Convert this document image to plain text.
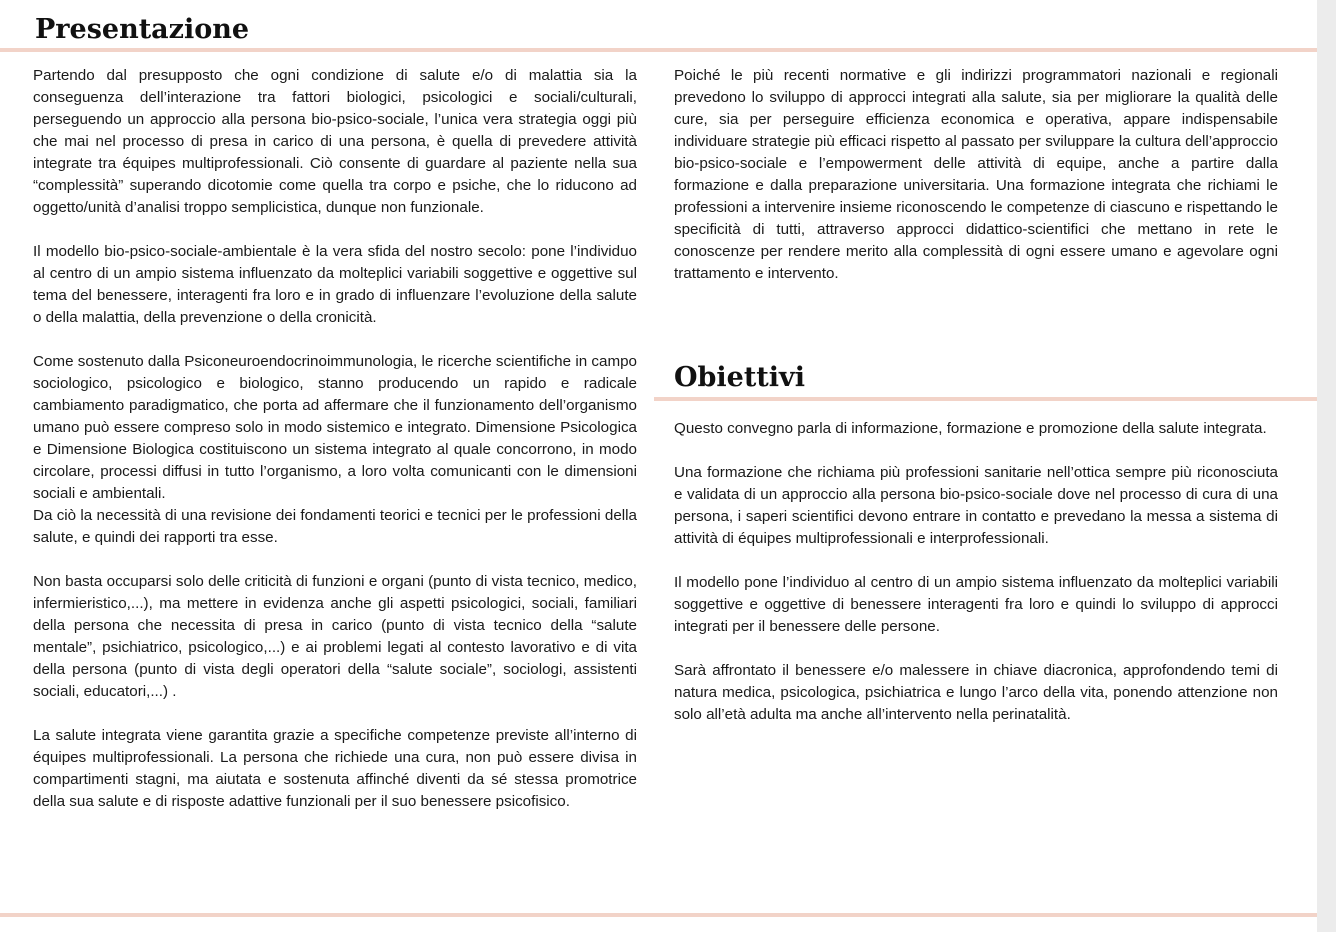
Presentazione

Partendo dal presupposto che ogni condizione di salute e/o di malattia sia la conseguenza dell’interazione tra fattori biologici, psicologici e sociali/culturali, perseguendo un approccio alla persona bio-psico-sociale, l’unica vera strategia oggi più che mai nel processo di presa in carico di una persona, è quella di prevedere attività integrate tra équipes multiprofessionali. Ciò consente di guardare al paziente nella sua “complessità” superando dicotomie come quella tra corpo e psiche, che lo riducono ad oggetto/unità d’analisi troppo semplicistica, dunque non funzionale.

Il modello bio-psico-sociale-ambientale è la vera sfida del nostro secolo: pone l’individuo al centro di un ampio sistema influenzato da molteplici variabili soggettive e oggettive sul tema del benessere, interagenti fra loro e in grado di influenzare l’evoluzione della salute o della malattia, della prevenzione o della cronicità.

Come sostenuto dalla Psiconeuroendocrinoimmunologia, le ricerche scientifiche in campo sociologico, psicologico e biologico, stanno producendo un rapido e radicale cambiamento paradigmatico, che porta ad affermare che il funzionamento dell’organismo umano può essere compreso solo in modo sistemico e integrato. Dimensione Psicologica e Dimensione Biologica costituiscono un sistema integrato al quale concorrono, in modo circolare, processi diffusi in tutto l’organismo, a loro volta comunicanti con le dimensioni sociali e ambientali.

Da ciò la necessità di una revisione dei fondamenti teorici e tecnici per le professioni della salute, e quindi dei rapporti tra esse.

Non basta occuparsi solo delle criticità di funzioni e organi (punto di vista tecnico, medico, infermieristico,...), ma mettere in evidenza anche gli aspetti psicologici, sociali, familiari della persona che necessita di presa in carico (punto di vista tecnico della “salute mentale”, psichiatrico, psicologico,...) e ai problemi legati al contesto lavorativo e di vita della persona (punto di vista degli operatori della “salute sociale”, sociologi, assistenti sociali, educatori,...) .

La salute integrata viene garantita grazie a specifiche competenze previste all’interno di équipes multiprofessionali. La persona che richiede una cura, non può essere divisa in compartimenti stagni, ma aiutata e sostenuta affinché diventi da sé stessa promotrice della sua salute e di risposte adattive funzionali per il suo benessere psicofisico.

Poiché le più recenti normative e gli indirizzi programmatori nazionali e regionali prevedono lo sviluppo di approcci integrati alla salute, sia per migliorare la qualità delle cure, sia per perseguire efficienza economica e operativa, appare indispensabile individuare strategie più efficaci rispetto al passato per sviluppare la cultura dell’approccio bio-psico-sociale e l’empowerment delle attività di equipe, anche a partire dalla formazione e dalla preparazione universitaria. Una formazione integrata che richiami le professioni a intervenire insieme riconoscendo le competenze di ciascuno e rispettando le specificità di tutti, attraverso approcci didattico-scientifici che mettano in rete le conoscenze per rendere merito alla complessità di ogni essere umano e agevolare ogni trattamento e intervento.

Obiettivi

Questo convegno parla di informazione, formazione e promozione della salute integrata.

Una formazione che richiama più professioni sanitarie nell’ottica sempre più riconosciuta e validata di un approccio alla persona bio-psico-sociale dove nel processo di cura di una persona, i saperi scientifici devono entrare in contatto e prevedano la messa a sistema di attività di équipes multiprofessionali e interprofessionali.

Il modello pone l’individuo al centro di un ampio sistema influenzato da molteplici variabili soggettive e oggettive di benessere interagenti fra loro e quindi lo sviluppo di approcci integrati per il benessere delle persone.

Sarà affrontato il benessere e/o malessere in chiave diacronica, approfondendo temi di natura medica, psicologica, psichiatrica e lungo l’arco della vita, ponendo attenzione non solo all’età adulta ma anche all’intervento nella perinatalità.
